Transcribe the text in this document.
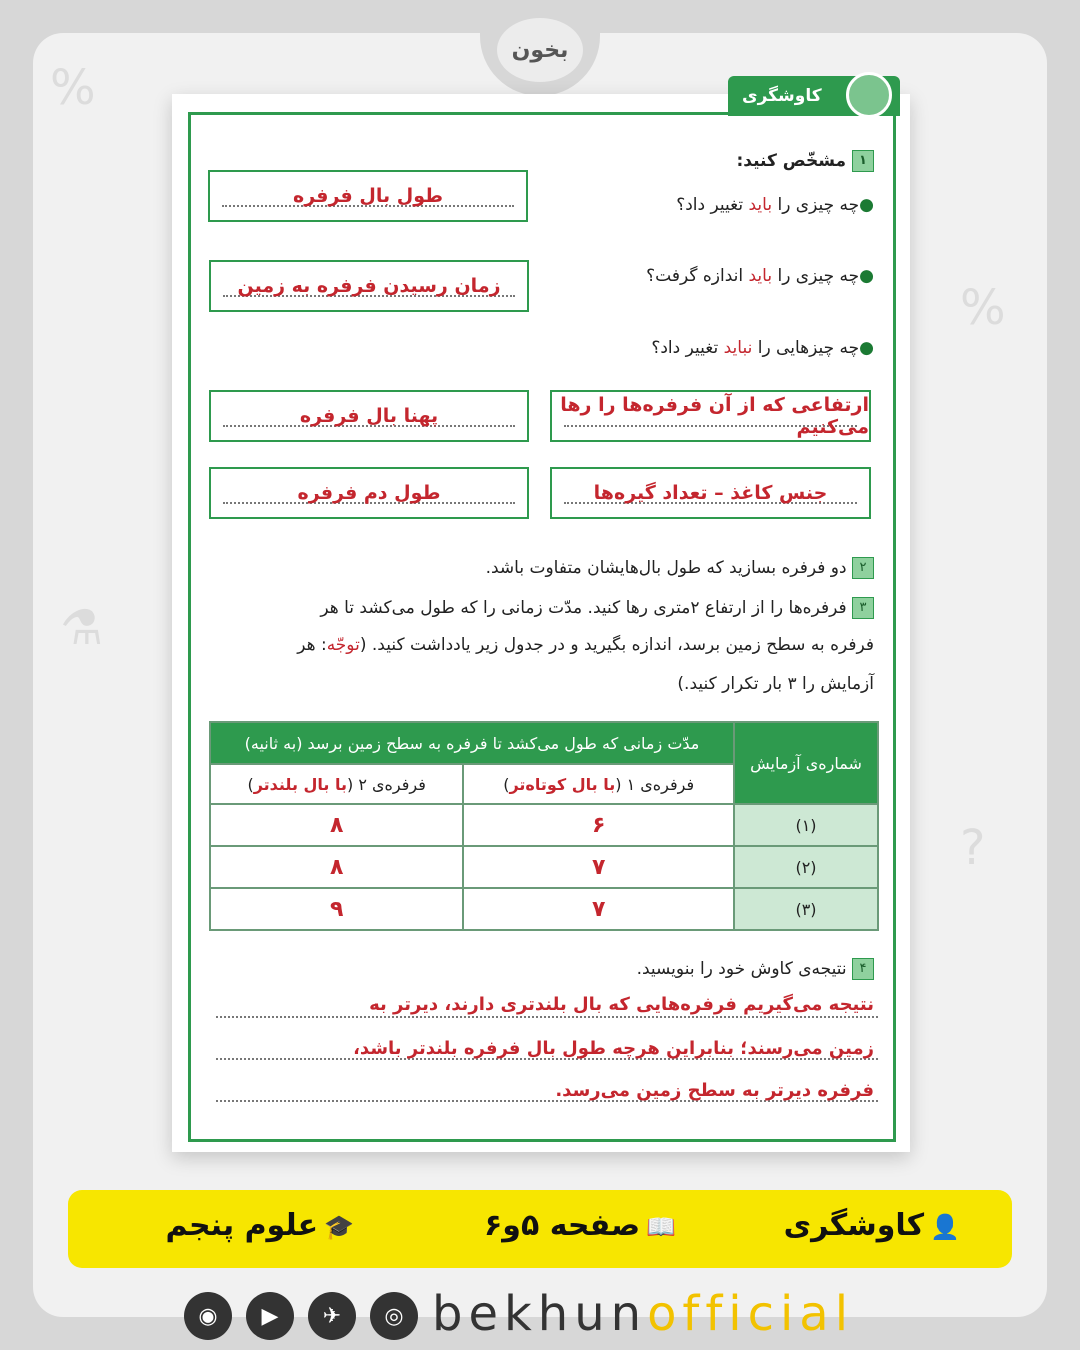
بخون
%
%
⚗
?
کاوشگری
۱ مشخّص کنید:
●چه چیزی را باید تغییر داد؟
طول بال فرفره
●چه چیزی را باید اندازه گرفت؟
زمان رسیدن فرفره به زمین
●چه چیزهایی را نباید تغییر داد؟
ارتفاعی که از آن فرفره‌ها را رها می‌کنیم
پهنا بال فرفره
جنس کاغذ – تعداد گیره‌ها
طول دم فرفره
۲ دو فرفره بسازید که طول بال‌هایشان متفاوت باشد.
۳ فرفره‌ها را از ارتفاع ۲متری رها کنید. مدّت زمانی را که طول می‌کشد تا هر
فرفره به سطح زمین برسد، اندازه بگیرید و در جدول زیر یادداشت کنید. (توجّه: هر
آزمایش را ۳ بار تکرار کنید.)
شماره‌ی آزمایش	مدّت زمانی که طول می‌کشد تا فرفره به سطح زمین برسد (به ثانیه)	
	فرفره‌ی ۱ (با بال کوتاه‌تر)	فرفره‌ی ۲ (با بال بلندتر)
(۱)	۶	۸
(۲)	۷	۸
(۳)	۷	۹
۴ نتیجه‌ی کاوش خود را بنویسید.
نتیجه می‌گیریم فرفره‌هایی که بال بلندتری دارند، دیرتر به
زمین می‌رسند؛ بنابراین هرچه طول بال فرفره بلندتر باشد،
فرفره دیرتر به سطح زمین می‌رسد.
👤کاوشگری
📖صفحه ۵و۶
🎓علوم پنجم
◉	▶	✈	◎ bekhunofficial
